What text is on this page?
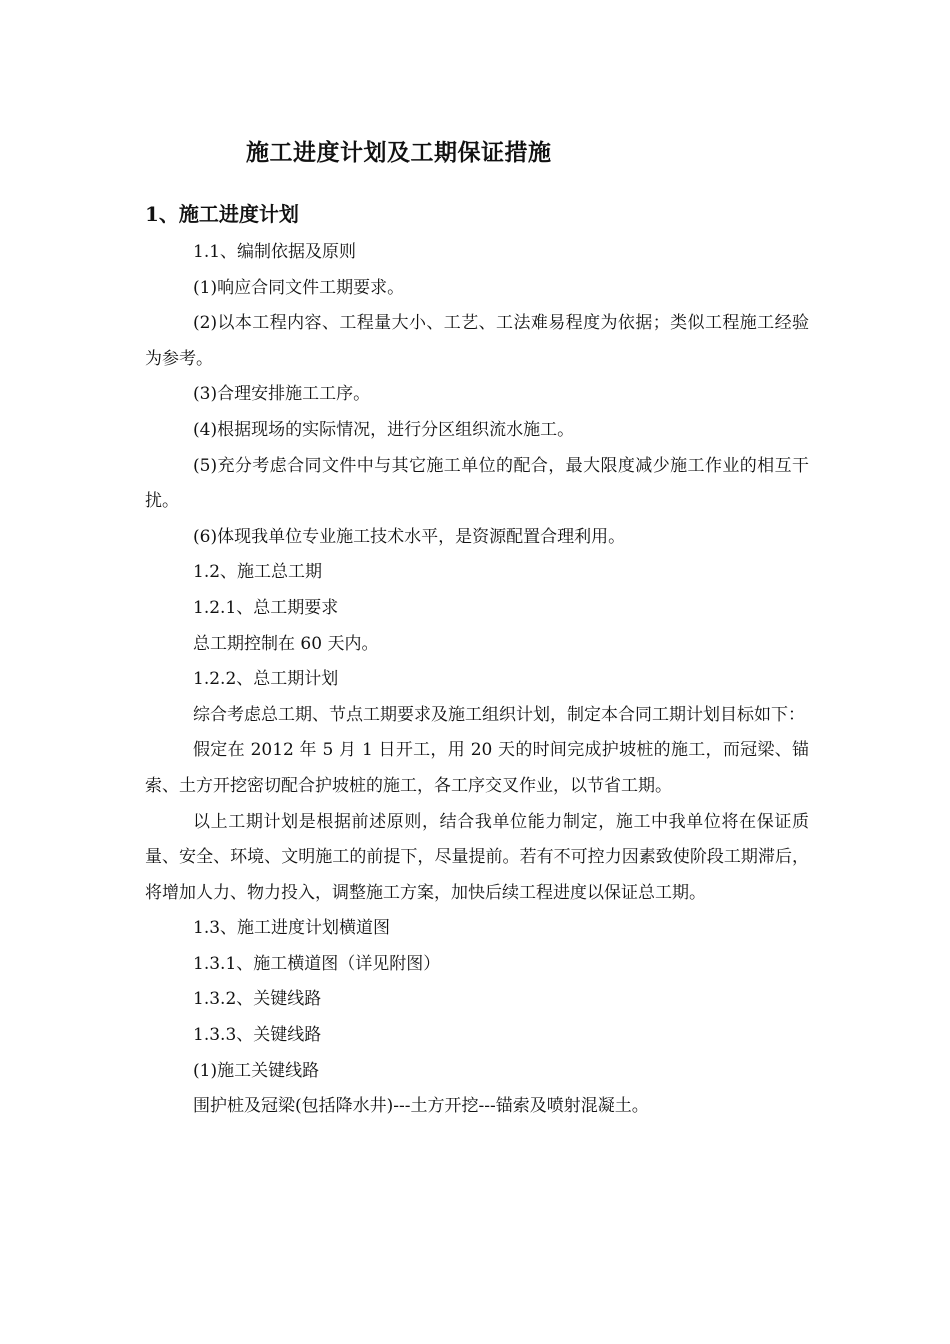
施工进度计划及工期保证措施
1、施工进度计划

1.1、编制依据及原则

(1)响应合同文件工期要求。

(2)以本工程内容、工程量大小、工艺、工法难易程度为依据；类似工程施工经验为参考。

(3)合理安排施工工序。

(4)根据现场的实际情况，进行分区组织流水施工。

(5)充分考虑合同文件中与其它施工单位的配合，最大限度减少施工作业的相互干扰。

(6)体现我单位专业施工技术水平，是资源配置合理利用。

1.2、施工总工期

1.2.1、总工期要求

总工期控制在 60 天内。

1.2.2、总工期计划

综合考虑总工期、节点工期要求及施工组织计划，制定本合同工期计划目标如下：

假定在 2012 年 5 月 1 日开工，用 20 天的时间完成护坡桩的施工，而冠梁、锚索、土方开挖密切配合护坡桩的施工，各工序交叉作业，以节省工期。

以上工期计划是根据前述原则，结合我单位能力制定，施工中我单位将在保证质量、安全、环境、文明施工的前提下，尽量提前。若有不可控力因素致使阶段工期滞后，将增加人力、物力投入，调整施工方案，加快后续工程进度以保证总工期。

1.3、施工进度计划横道图

1.3.1、施工横道图（详见附图）

1.3.2、关键线路

1.3.3、关键线路

(1)施工关键线路

围护桩及冠梁(包括降水井)---土方开挖---锚索及喷射混凝土。
